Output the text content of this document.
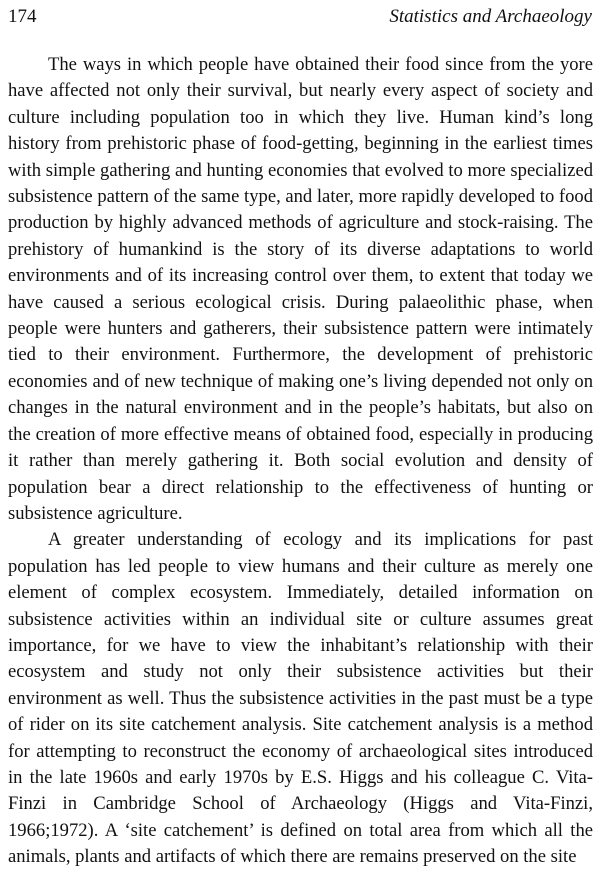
174	Statistics and Archaeology

The ways in which people have obtained their food since from the yore have affected not only their survival, but nearly every aspect of society and culture including population too in which they live. Human kind’s long history from prehistoric phase of food-getting, beginning in the earliest times with simple gathering and hunting economies that evolved to more specialized subsistence pattern of the same type, and later, more rapidly developed to food production by highly advanced methods of agriculture and stock-raising. The prehistory of humankind is the story of its diverse adaptations to world environments and of its increasing control over them, to extent that today we have caused a serious ecological crisis. During palaeolithic phase, when people were hunters and gatherers, their subsistence pattern were intimately tied to their environment. Furthermore, the development of prehistoric economies and of new technique of making one’s living depended not only on changes in the natural environment and in the people’s habitats, but also on the creation of more effective means of obtained food, especially in producing it rather than merely gathering it. Both social evolution and density of population bear a direct relationship to the effectiveness of hunting or subsistence agriculture.

A greater understanding of ecology and its implications for past population has led people to view humans and their culture as merely one element of complex ecosystem. Immediately, detailed information on subsistence activities within an individual site or culture assumes great importance, for we have to view the inhabitant’s relationship with their ecosystem and study not only their subsistence activities but their environment as well. Thus the subsistence activities in the past must be a type of rider on its site catchement analysis. Site catchement analysis is a method for attempting to reconstruct the economy of archaeological sites introduced in the late 1960s and early 1970s by E.S. Higgs and his colleague C. Vita-Finzi in Cambridge School of Archaeology (Higgs and Vita-Finzi, 1966;1972). A ‘site catchement’ is defined on total area from which all the animals, plants and artifacts of which there are remains preserved on the site
